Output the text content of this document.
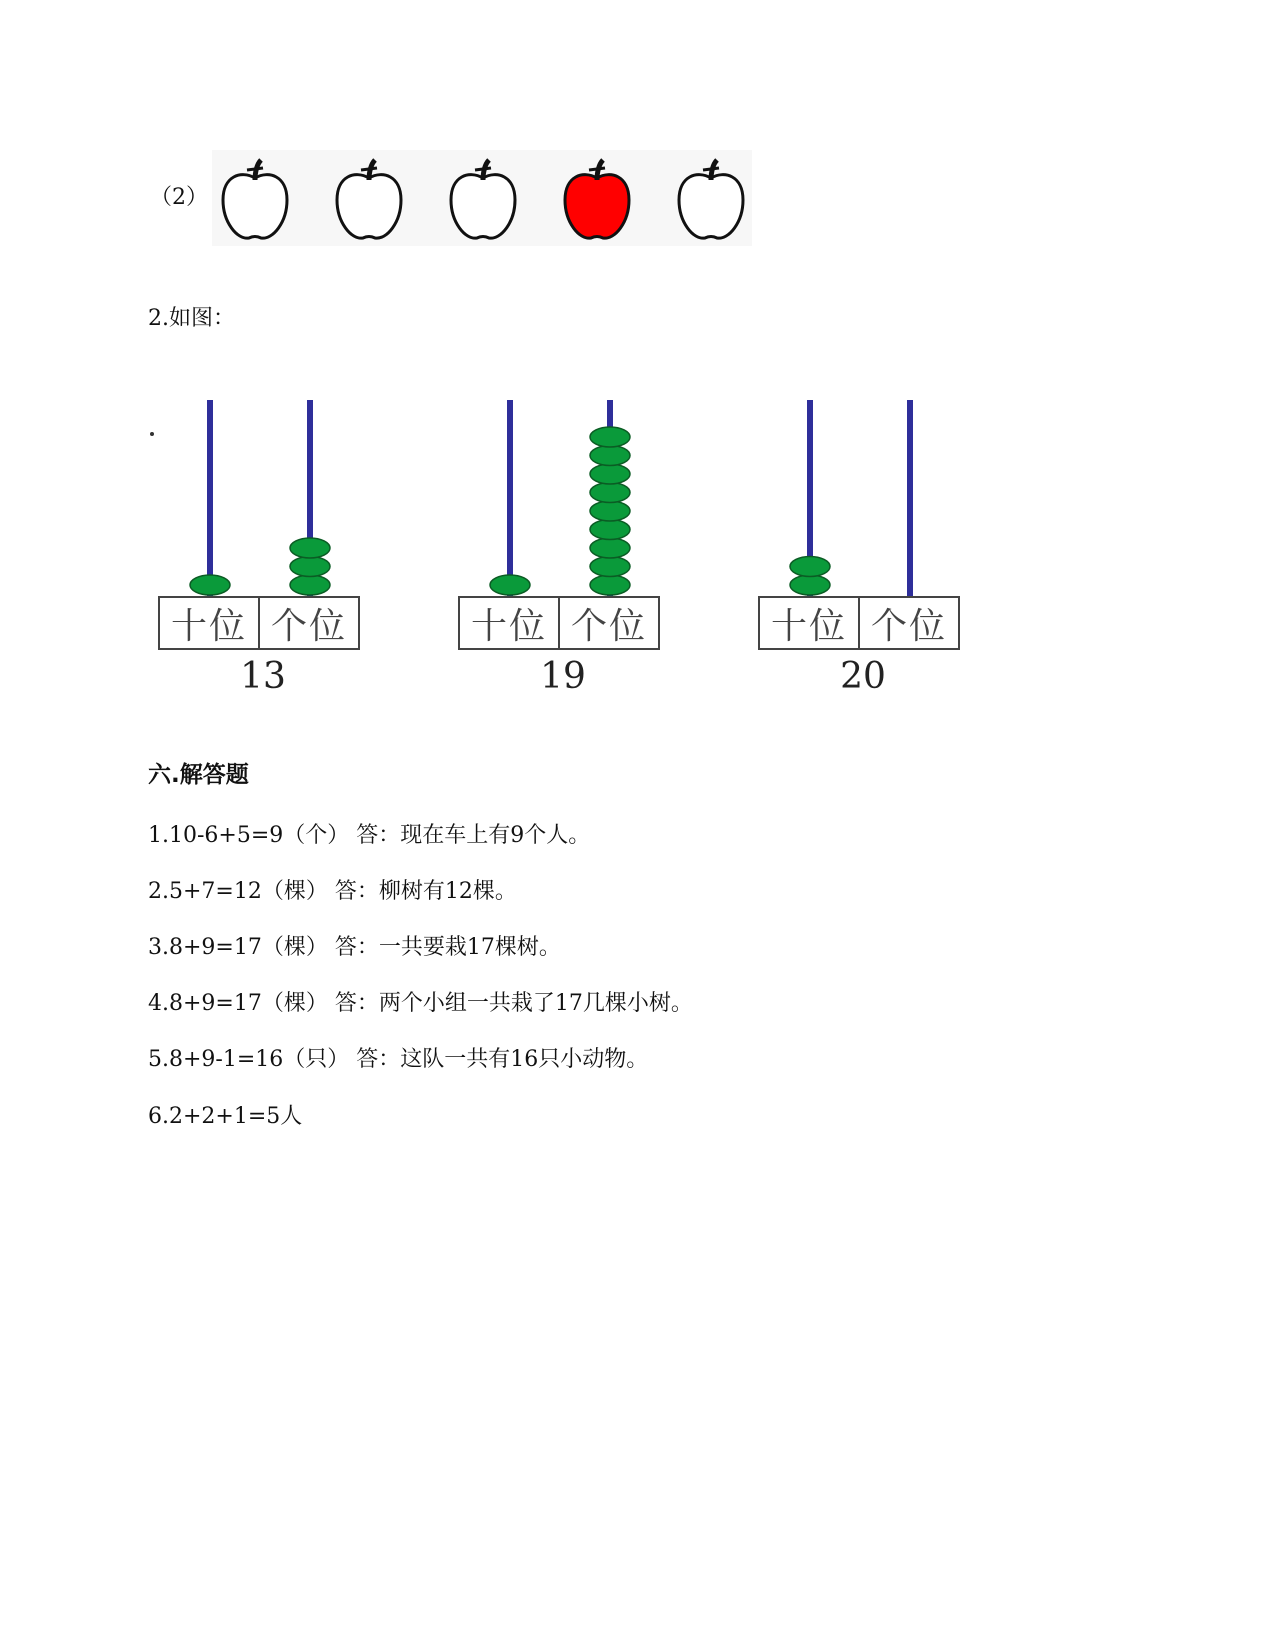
（2）
2.如图：
十位 个位
13
十位 个位
19
十位 个位
20
六.解答题
1.10-6+5=9（个） 答：现在车上有9个人。
2.5+7=12（棵） 答：柳树有12棵。
3.8+9=17（棵） 答：一共要栽17棵树。
4.8+9=17（棵） 答：两个小组一共栽了17几棵小树。
5.8+9-1=16（只） 答：这队一共有16只小动物。
6.2+2+1=5人
